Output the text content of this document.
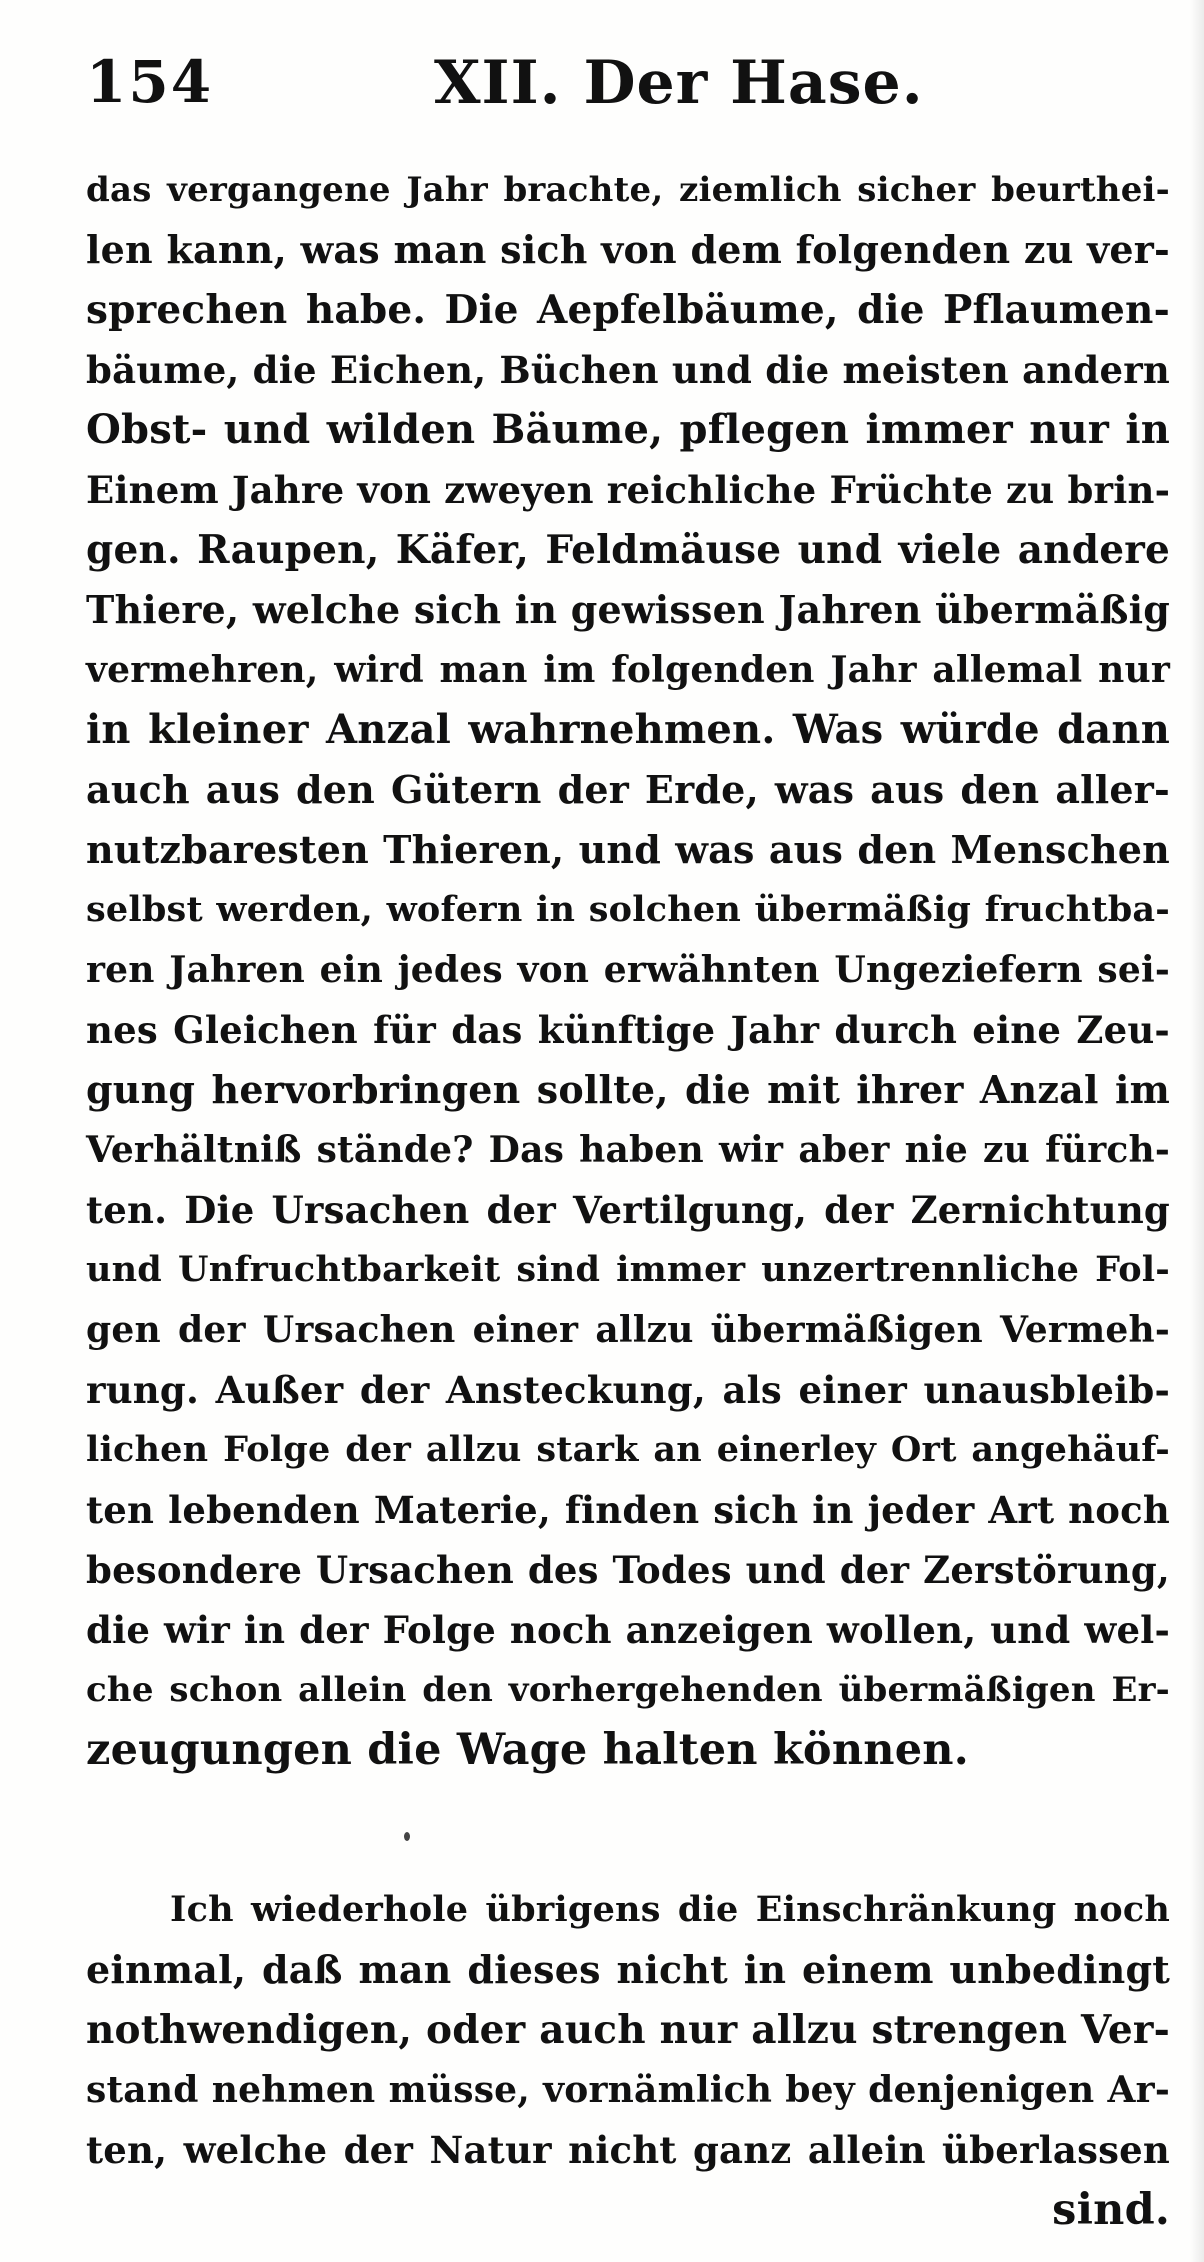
154	XII. Der Hase.
das vergangene Jahr brachte, ziemlich sicher beurthei-
len kann, was man sich von dem folgenden zu ver-
sprechen habe. Die Aepfelbäume, die Pflaumen-
bäume, die Eichen, Büchen und die meisten andern
Obst- und wilden Bäume, pflegen immer nur in
Einem Jahre von zweyen reichliche Früchte zu brin-
gen. Raupen, Käfer, Feldmäuse und viele andere
Thiere, welche sich in gewissen Jahren übermäßig
vermehren, wird man im folgenden Jahr allemal nur
in kleiner Anzal wahrnehmen. Was würde dann
auch aus den Gütern der Erde, was aus den aller-
nutzbaresten Thieren, und was aus den Menschen
selbst werden, wofern in solchen übermäßig fruchtba-
ren Jahren ein jedes von erwähnten Ungeziefern sei-
nes Gleichen für das künftige Jahr durch eine Zeu-
gung hervorbringen sollte, die mit ihrer Anzal im
Verhältniß stände? Das haben wir aber nie zu fürch-
ten. Die Ursachen der Vertilgung, der Zernichtung
und Unfruchtbarkeit sind immer unzertrennliche Fol-
gen der Ursachen einer allzu übermäßigen Vermeh-
rung. Außer der Ansteckung, als einer unausbleib-
lichen Folge der allzu stark an einerley Ort angehäuf-
ten lebenden Materie, finden sich in jeder Art noch
besondere Ursachen des Todes und der Zerstörung,
die wir in der Folge noch anzeigen wollen, und wel-
che schon allein den vorhergehenden übermäßigen Er-
zeugungen die Wage halten können.
Ich wiederhole übrigens die Einschränkung noch
einmal, daß man dieses nicht in einem unbedingt
nothwendigen, oder auch nur allzu strengen Ver-
stand nehmen müsse, vornämlich bey denjenigen Ar-
ten, welche der Natur nicht ganz allein überlassen
sind.
